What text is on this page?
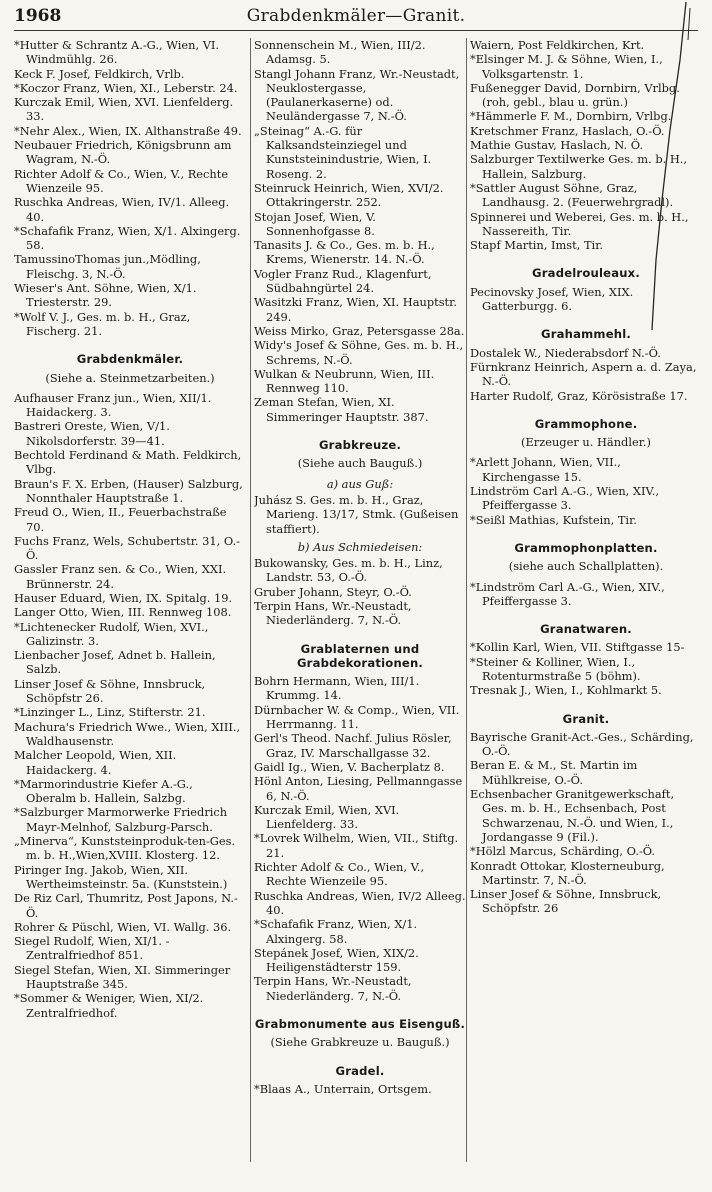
1968	Grabdenkmäler—Granit.
*Hutter & Schrantz A.-G., Wien, VI. Windmühlg. 26.
Keck F. Josef, Feldkirch, Vrlb.
*Koczor Franz, Wien, XI., Leberstr. 24.
Kurczak Emil, Wien, XVI. Lienfelderg. 33.
*Nehr Alex., Wien, IX. Althanstraße 49.
Neubauer Friedrich, Königsbrunn am Wagram, N.-Ö.
Richter Adolf & Co., Wien, V., Rechte Wienzeile 95.
Ruschka Andreas, Wien, IV/1. Alleeg. 40.
*Schafafik Franz, Wien, X/1. Alxingerg. 58.
TamussinoThomas jun.,Mödling, Fleischg. 3, N.-Ö.
Wieser's Ant. Söhne, Wien, X/1. Triesterstr. 29.
*Wolf V. J., Ges. m. b. H., Graz, Fischerg. 21.
Grabdenkmäler.
(Siehe a. Steinmetzarbeiten.)
Aufhauser Franz jun., Wien, XII/1. Haidackerg. 3.
Bastreri Oreste, Wien, V/1. Nikolsdorferstr. 39—41.
Bechtold Ferdinand & Math. Feldkirch, Vlbg.
Braun's F. X. Erben, (Hauser) Salzburg, Nonnthaler Hauptstraße 1.
Freud O., Wien, II., Feuerbachstraße 70.
Fuchs Franz, Wels, Schubertstr. 31, O.-Ö.
Gassler Franz sen. & Co., Wien, XXI. Brünnerstr. 24.
Hauser Eduard, Wien, IX. Spitalg. 19.
Langer Otto, Wien, III. Rennweg 108.
*Lichtenecker Rudolf, Wien, XVI., Galizinstr. 3.
Lienbacher Josef, Adnet b. Hallein, Salzb.
Linser Josef & Söhne, Innsbruck, Schöpfstr 26.
*Linzinger L., Linz, Stifterstr. 21.
Machura's Friedrich Wwe., Wien, XIII., Waldhausenstr.
Malcher Leopold, Wien, XII. Haidackerg. 4.
*Marmorindustrie Kiefer A.-G., Oberalm b. Hallein, Salzbg.
*Salzburger Marmorwerke Friedrich Mayr-Melnhof, Salzburg-Parsch.
„Minerva“, Kunststeinproduk-ten-Ges. m. b. H.,Wien,XVIII. Klosterg. 12.
Piringer Ing. Jakob, Wien, XII. Wertheimsteinstr. 5a. (Kunststein.)
De Riz Carl, Thumritz, Post Japons, N.-Ö.
Rohrer & Püschl, Wien, VI. Wallg. 36.
Siegel Rudolf, Wien, XI/1. - Zentralfriedhof 851.
Siegel Stefan, Wien, XI. Simmeringer Hauptstraße 345.
*Sommer & Weniger, Wien, XI/2. Zentralfriedhof.
Sonnenschein M., Wien, III/2. Adamsg. 5.
Stangl Johann Franz, Wr.-Neustadt, Neuklostergasse, (Paulanerkaserne) od. Neuländergasse 7, N.-Ö.
„Steinag“ A.-G. für Kalksandsteinziegel und Kunststeinindustrie, Wien, I. Roseng. 2.
Steinruck Heinrich, Wien, XVI/2. Ottakringerstr. 252.
Stojan Josef, Wien, V. Sonnenhofgasse 8.
Tanasits J. & Co., Ges. m. b. H., Krems, Wienerstr. 14. N.-Ö.
Vogler Franz Rud., Klagenfurt, Südbahngürtel 24.
Wasitzki Franz, Wien, XI. Hauptstr. 249.
Weiss Mirko, Graz, Petersgasse 28a.
Widy's Josef & Söhne, Ges. m. b. H., Schrems, N.-Ö.
Wulkan & Neubrunn, Wien, III. Rennweg 110.
Zeman Stefan, Wien, XI. Simmeringer Hauptstr. 387.
Grabkreuze.
(Siehe auch Bauguß.)
a) aus Guß:
Juhász S. Ges. m. b. H., Graz, Marieng. 13/17, Stmk. (Gußeisen staffiert).
b) Aus Schmiedeisen:
Bukowansky, Ges. m. b. H., Linz, Landstr. 53, O.-Ö.
Gruber Johann, Steyr, O.-Ö.
Terpin Hans, Wr.-Neustadt, Niederländerg. 7, N.-Ö.
Grablaternen und Grabdekorationen.
Bohrn Hermann, Wien, III/1. Krummg. 14.
Dürnbacher W. & Comp., Wien, VII. Herrmanng. 11.
Gerl's Theod. Nachf. Julius Rösler, Graz, IV. Marschallgasse 32.
Gaidl Ig., Wien, V. Bacherplatz 8.
Hönl Anton, Liesing, Pellmanngasse 6, N.-Ö.
Kurczak Emil, Wien, XVI. Lienfelderg. 33.
*Lovrek Wilhelm, Wien, VII., Stiftg. 21.
Richter Adolf & Co., Wien, V., Rechte Wienzeile 95.
Ruschka Andreas, Wien, IV/2 Alleeg. 40.
*Schafafik Franz, Wien, X/1. Alxingerg. 58.
Stepánek Josef, Wien, XIX/2. Heiligenstädterstr 159.
Terpin Hans, Wr.-Neustadt, Niederländerg. 7, N.-Ö.
Grabmonumente aus Eisenguß.
(Siehe Grabkreuze u. Bauguß.)
Gradel.
*Blaas A., Unterrain, Ortsgem.
Waiern, Post Feldkirchen, Krt.
*Elsinger M. J. & Söhne, Wien, I., Volksgartenstr. 1.
Fußenegger David, Dornbirn, Vrlbg. (roh, gebl., blau u. grün.)
*Hämmerle F. M., Dornbirn, Vrlbg.
Kretschmer Franz, Haslach, O.-Ö.
Mathie Gustav, Haslach, N. Ö.
Salzburger Textilwerke Ges. m. b. H., Hallein, Salzburg.
*Sattler August Söhne, Graz, Landhausg. 2. (Feuerwehrgradl).
Spinnerei und Weberei, Ges. m. b. H., Nassereith, Tir.
Stapf Martin, Imst, Tir.
Gradelrouleaux.
Pecinovsky Josef, Wien, XIX. Gatterburgg. 6.
Grahammehl.
Dostalek W., Niederabsdorf N.-Ö.
Fürnkranz Heinrich, Aspern a. d. Zaya, N.-Ö.
Harter Rudolf, Graz, Körösistraße 17.
Grammophone.
(Erzeuger u. Händler.)
*Arlett Johann, Wien, VII., Kirchengasse 15.
Lindström Carl A.-G., Wien, XIV., Pfeiffergasse 3.
*Seißl Mathias, Kufstein, Tir.
Grammophonplatten.
(siehe auch Schallplatten).
*Lindström Carl A.-G., Wien, XIV., Pfeiffergasse 3.
Granatwaren.
*Kollin Karl, Wien, VII. Stiftgasse 15-
*Steiner & Kolliner, Wien, I., Rotenturmstraße 5 (böhm).
Tresnak J., Wien, I., Kohlmarkt 5.
Granit.
Bayrische Granit-Act.-Ges., Schärding, O.-Ö.
Beran E. & M., St. Martin im Mühlkreise, O.-Ö.
Echsenbacher Granitgewerkschaft, Ges. m. b. H., Echsenbach, Post Schwarzenau, N.-Ö. und Wien, I., Jordangasse 9 (Fil.).
*Hölzl Marcus, Schärding, O.-Ö.
Konradt Ottokar, Klosterneuburg, Martinstr. 7, N.-Ö.
Linser Josef & Söhne, Innsbruck, Schöpfstr. 26
